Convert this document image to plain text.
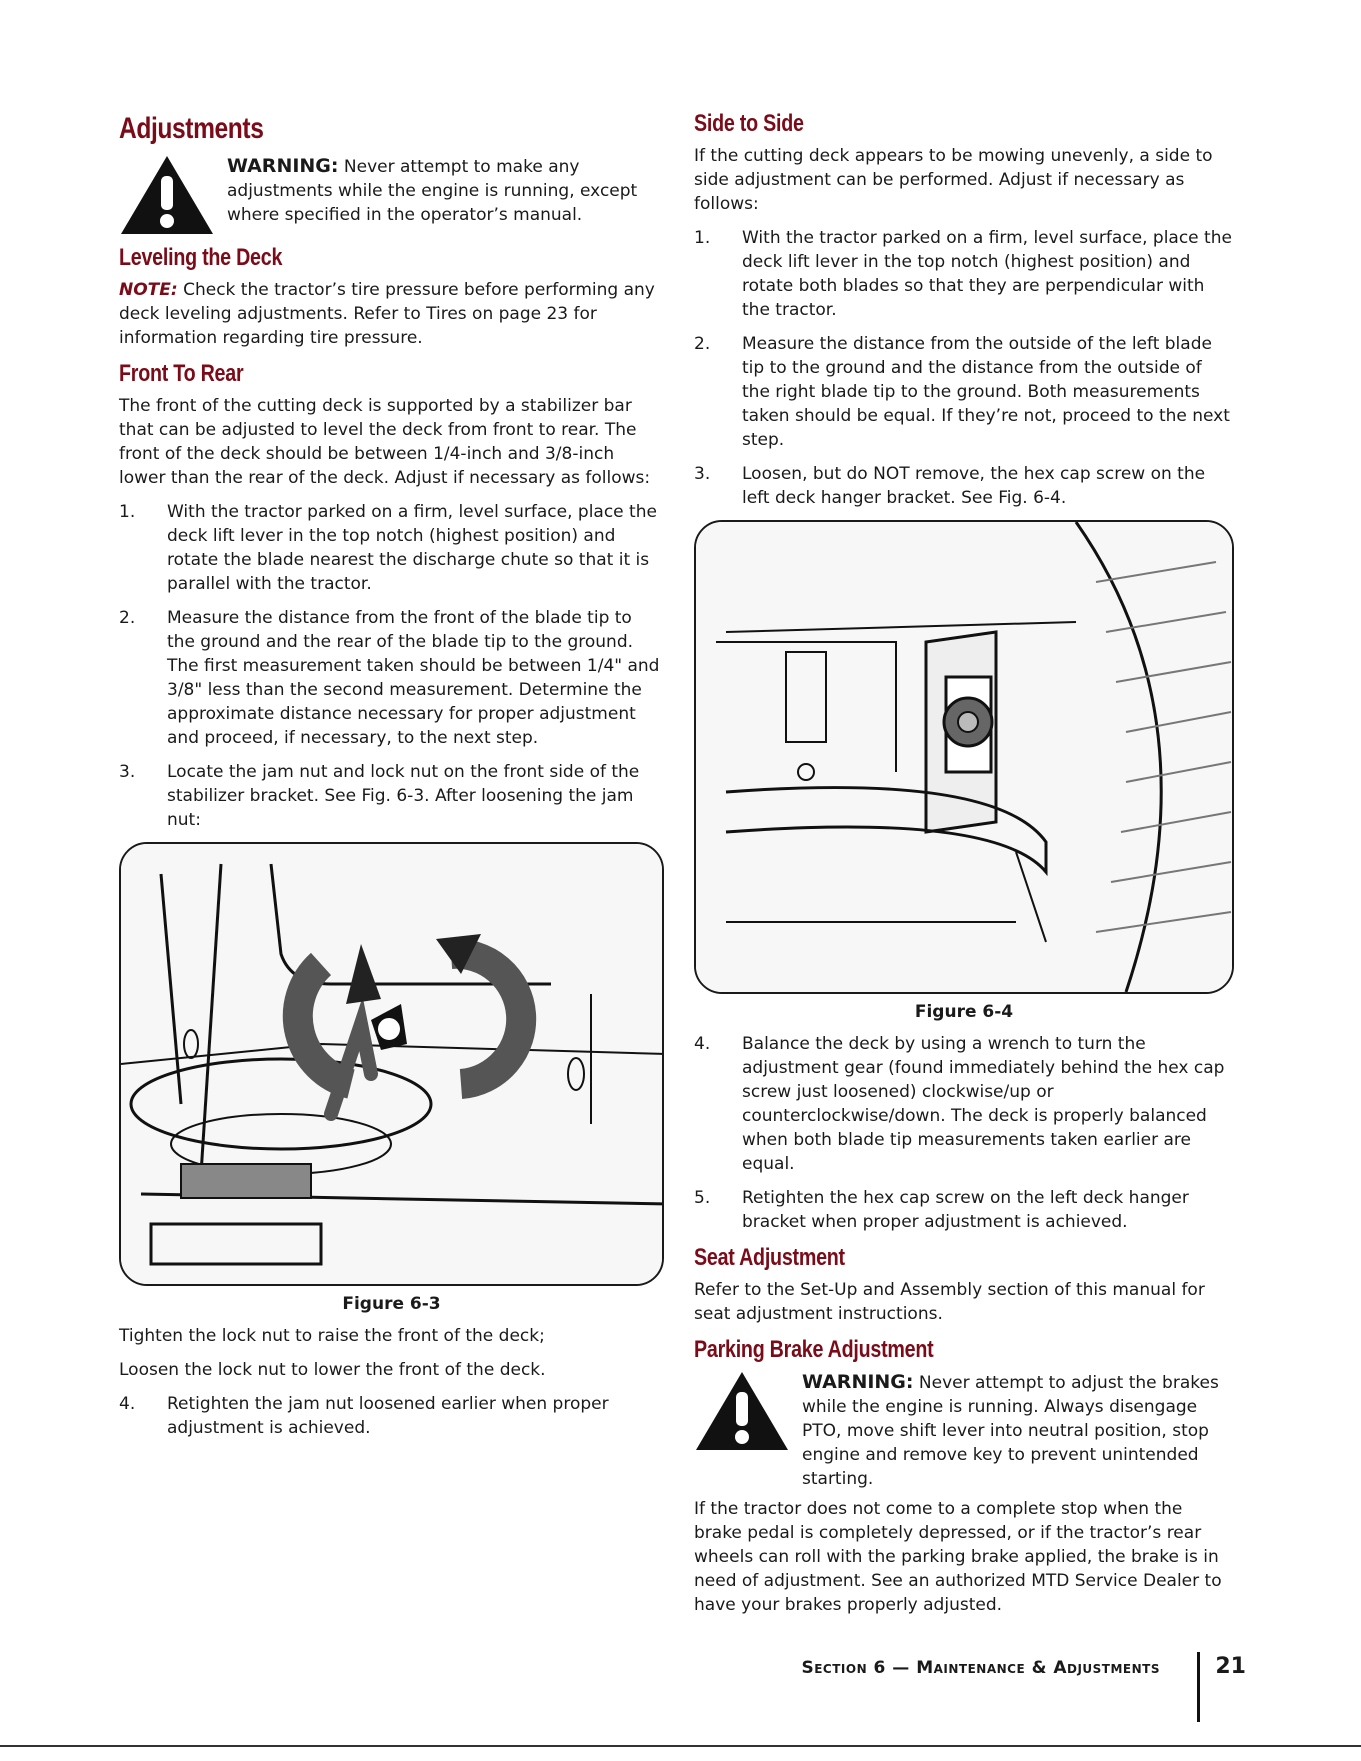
Adjustments
WARNING: Never attempt to make any adjustments while the engine is running, except where specified in the operator’s manual.
Leveling the Deck

NOTE: Check the tractor’s tire pressure before performing any deck leveling adjustments. Refer to Tires on page 23 for information regarding tire pressure.

Front To Rear

The front of the cutting deck is supported by a stabilizer bar that can be adjusted to level the deck from front to rear. The front of the deck should be between 1/4-inch and 3/8-inch lower than the rear of the deck. Adjust if necessary as follows:

1.	With the tractor parked on a firm, level surface, place the deck lift lever in the top notch (highest position) and rotate the blade nearest the discharge chute so that it is parallel with the tractor.
2.	Measure the distance from the front of the blade tip to the ground and the rear of the blade tip to the ground. The first measurement taken should be between 1/4" and 3/8" less than the second measurement. Determine the approximate distance necessary for proper adjustment and proceed, if necessary, to the next step.
3.	Locate the jam nut and lock nut on the front side of the stabilizer bracket. See Fig. 6-3. After loosening the jam nut:
Figure 6-3

Tighten the lock nut to raise the front of the deck;

Loosen the lock nut to lower the front of the deck.

4.	Retighten the jam nut loosened earlier when proper adjustment is achieved.
Side to Side

If the cutting deck appears to be mowing unevenly, a side to side adjustment can be performed. Adjust if necessary as follows:

1.	With the tractor parked on a firm, level surface, place the deck lift lever in the top notch (highest position) and rotate both blades so that they are perpendicular with the tractor.
2.	Measure the distance from the outside of the left blade tip to the ground and the distance from the outside of the right blade tip to the ground. Both measurements taken should be equal. If they’re not, proceed to the next step.
3.	Loosen, but do NOT remove, the hex cap screw on the left deck hanger bracket. See Fig. 6-4.
Figure 6-4
4.	Balance the deck by using a wrench to turn the adjustment gear (found immediately behind the hex cap screw just loosened) clockwise/up or counterclockwise/down. The deck is properly balanced when both blade tip measurements taken earlier are equal.
5.	Retighten the hex cap screw on the left deck hanger bracket when proper adjustment is achieved.
Seat Adjustment

Refer to the Set-Up and Assembly section of this manual for seat adjustment instructions.

Parking Brake Adjustment
WARNING: Never attempt to adjust the brakes while the engine is running. Always disengage PTO, move shift lever into neutral position, stop engine and remove key to prevent unintended starting.

If the tractor does not come to a complete stop when the brake pedal is completely depressed, or if the tractor’s rear wheels can roll with the parking brake applied, the brake is in need of adjustment. See an authorized MTD Service Dealer to have your brakes properly adjusted.

Section 6 — Maintenance & Adjustments	21
